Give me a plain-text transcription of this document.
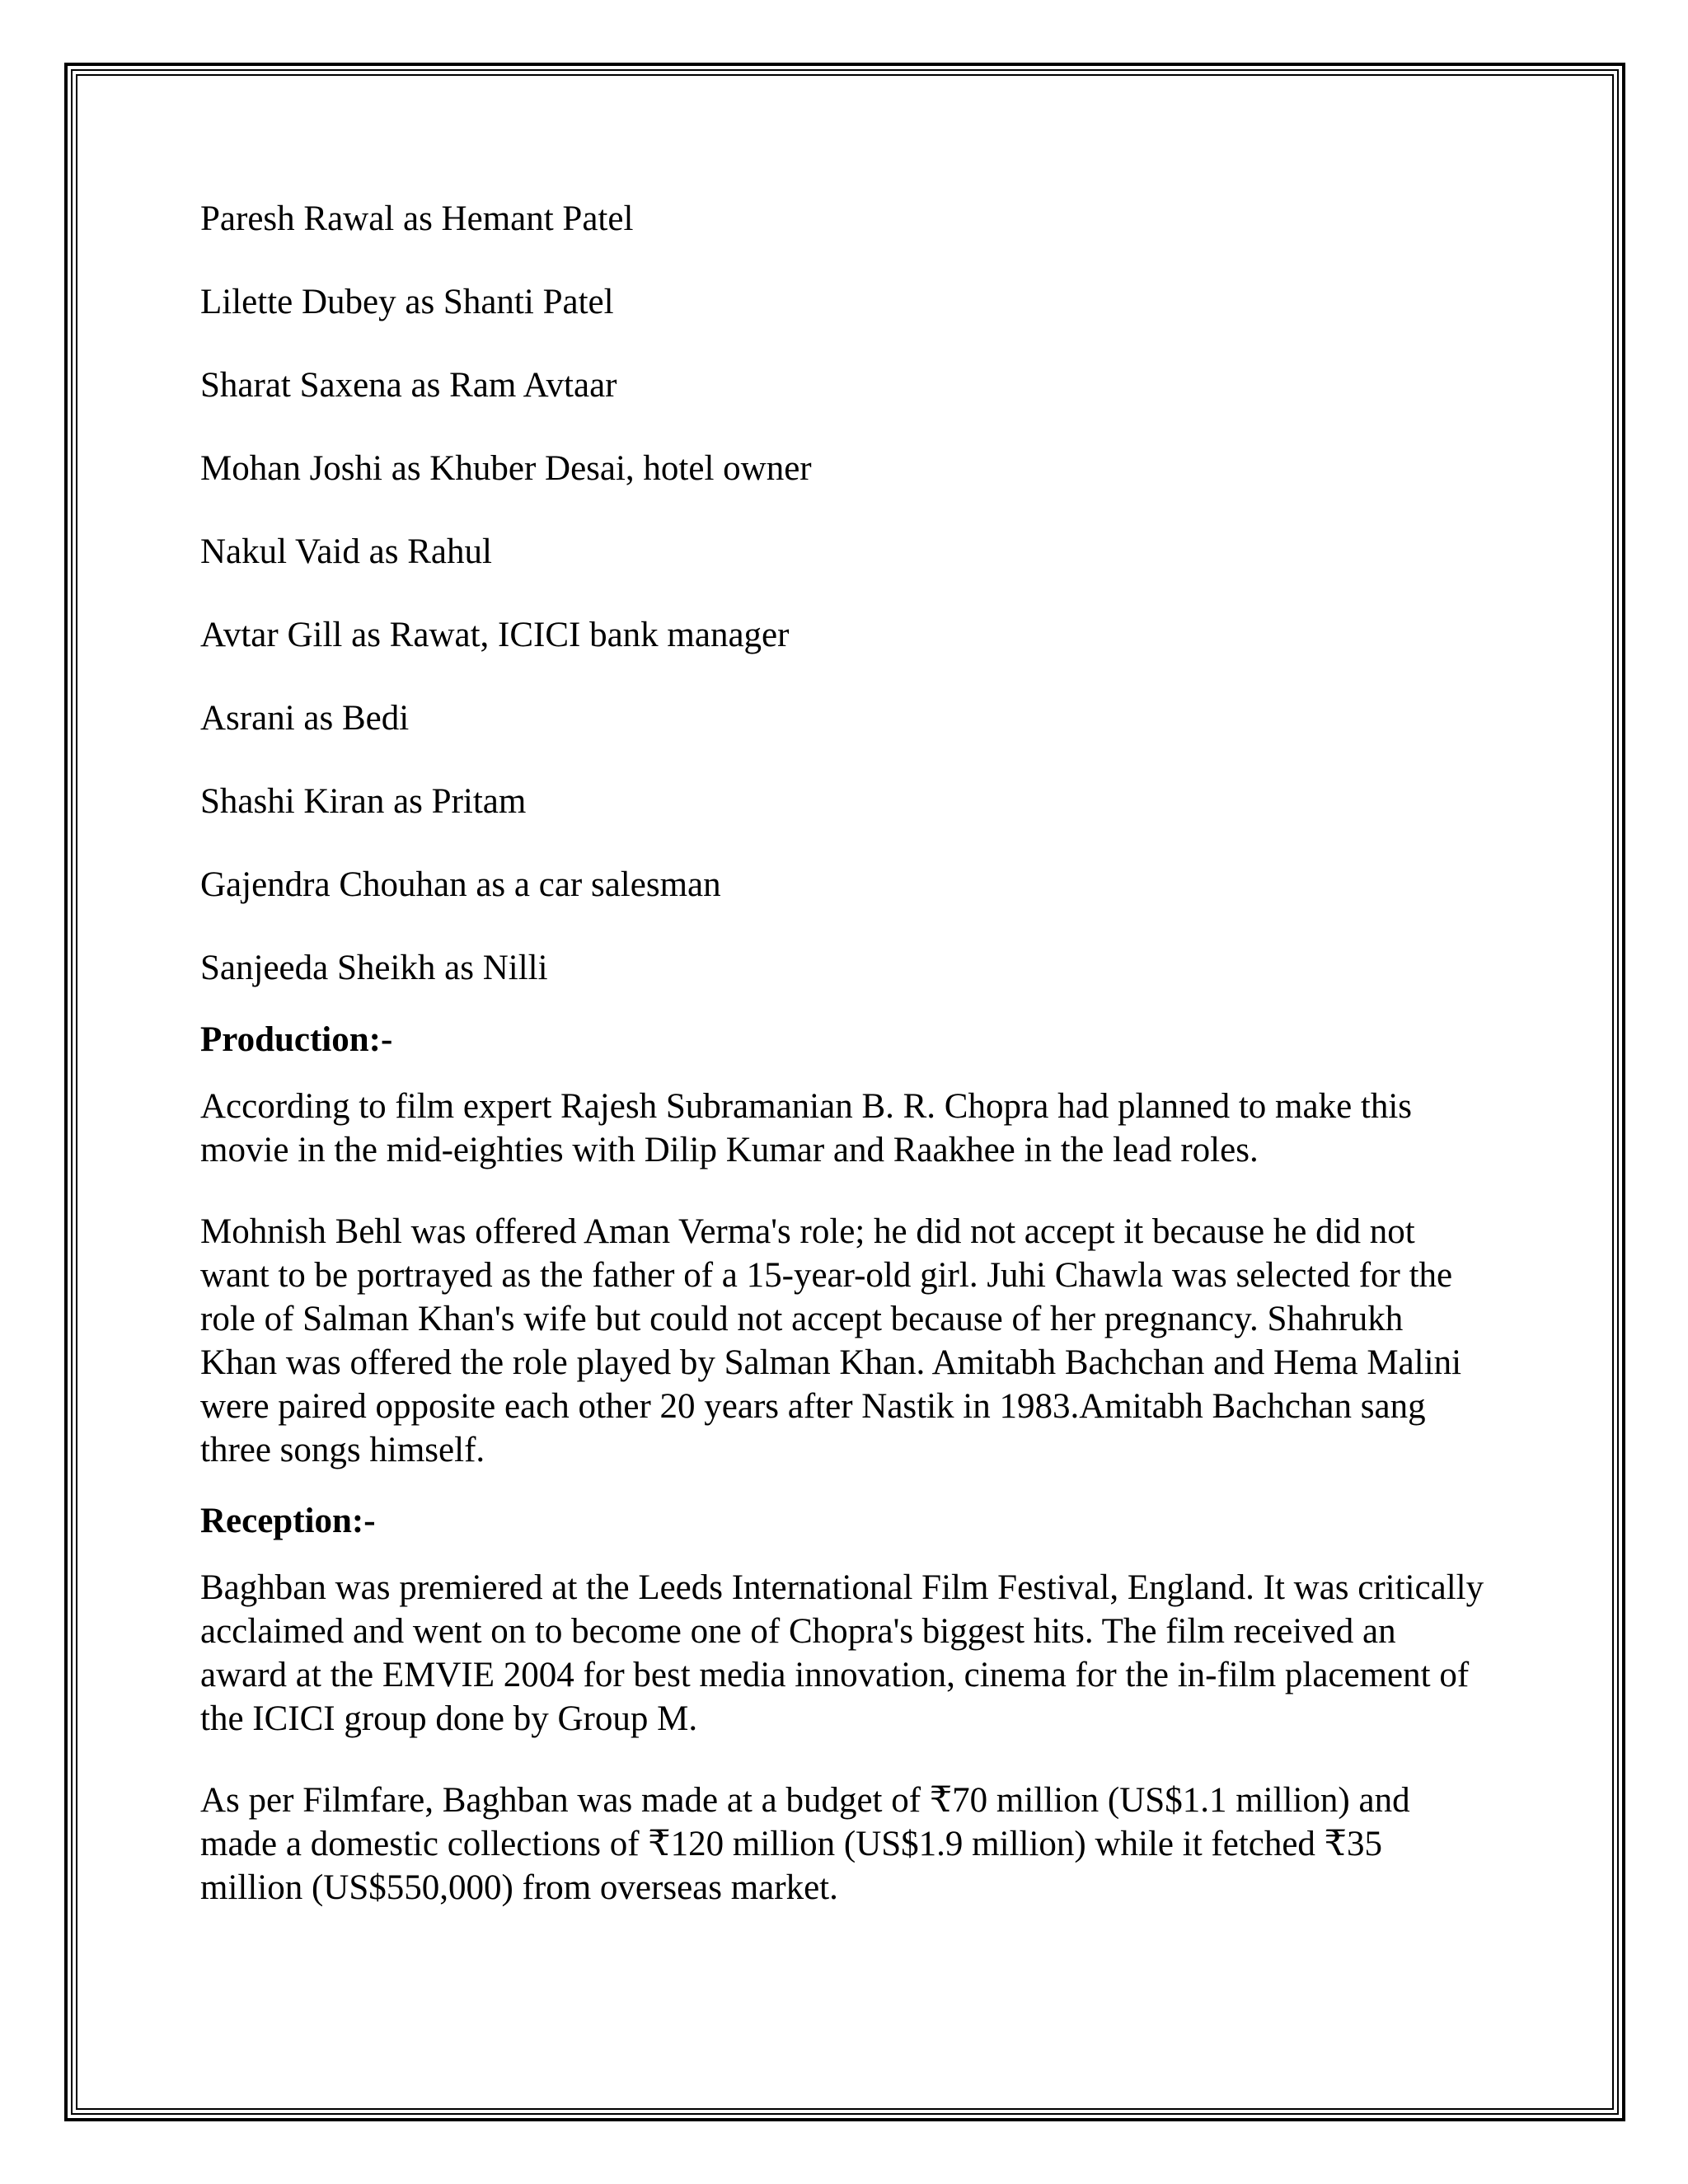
Paresh Rawal as Hemant Patel

Lilette Dubey as Shanti Patel

Sharat Saxena as Ram Avtaar

Mohan Joshi as Khuber Desai, hotel owner

Nakul Vaid as Rahul

Avtar Gill as Rawat, ICICI bank manager

Asrani as Bedi

Shashi Kiran as Pritam

Gajendra Chouhan as a car salesman

Sanjeeda Sheikh as Nilli

Production:-

According to film expert Rajesh Subramanian B. R. Chopra had planned to make this movie in the mid-eighties with Dilip Kumar and Raakhee in the lead roles.

Mohnish Behl was offered Aman Verma's role; he did not accept it because he did not want to be portrayed as the father of a 15-year-old girl. Juhi Chawla was selected for the role of Salman Khan's wife but could not accept because of her pregnancy. Shahrukh Khan was offered the role played by Salman Khan. Amitabh Bachchan and Hema Malini were paired opposite each other 20 years after Nastik in 1983.Amitabh Bachchan sang three songs himself.

Reception:-

Baghban was premiered at the Leeds International Film Festival, England. It was critically acclaimed and went on to become one of Chopra's biggest hits. The film received an award at the EMVIE 2004 for best media innovation, cinema for the in-film placement of the ICICI group done by Group M.

As per Filmfare, Baghban was made at a budget of ₹70 million (US$1.1 million) and made a domestic collections of ₹120 million (US$1.9 million) while it fetched ₹35 million (US$550,000) from overseas market.
